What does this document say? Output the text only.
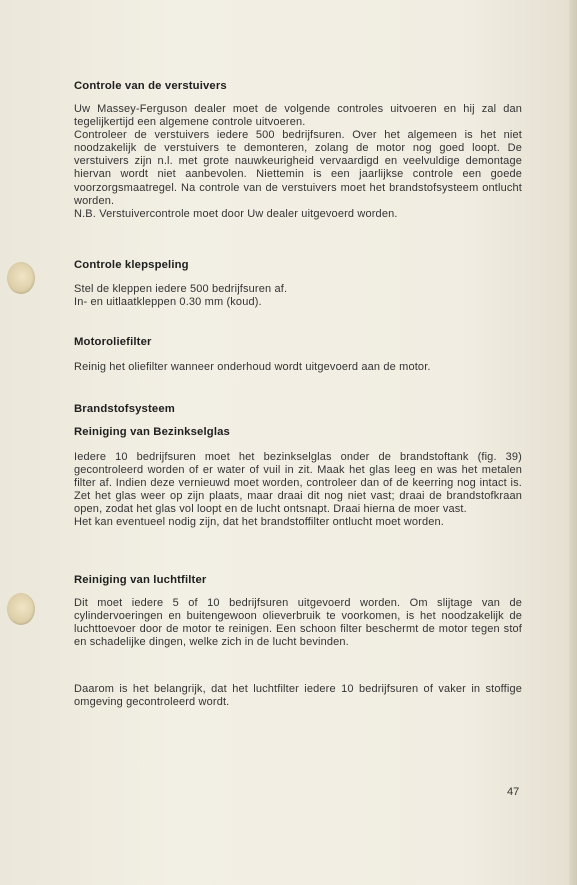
Controle van de verstuivers

Uw Massey-Ferguson dealer moet de volgende controles uitvoeren en hij zal dan tegelijkertijd een algemene controle uitvoeren.

Controleer de verstuivers iedere 500 bedrijfsuren. Over het algemeen is het niet noodzakelijk de verstuivers te demonteren, zolang de motor nog goed loopt. De verstuivers zijn n.l. met grote nauwkeurigheid vervaardigd en veelvuldige demontage hiervan wordt niet aanbevolen. Niettemin is een jaarlijkse controle een goede voorzorgsmaatregel. Na controle van de verstuivers moet het brandstofsysteem ontlucht worden.

N.B. Verstuivercontrole moet door Uw dealer uitgevoerd worden.

Controle klepspeling

Stel de kleppen iedere 500 bedrijfsuren af.

In- en uitlaatkleppen 0.30 mm (koud).

Motoroliefilter

Reinig het oliefilter wanneer onderhoud wordt uitgevoerd aan de motor.

Brandstofsysteem
Reiniging van Bezinkselglas

Iedere 10 bedrijfsuren moet het bezinkselglas onder de brandstoftank (fig. 39) gecontroleerd worden of er water of vuil in zit. Maak het glas leeg en was het metalen filter af. Indien deze vernieuwd moet worden, controleer dan of de keerring nog intact is. Zet het glas weer op zijn plaats, maar draai dit nog niet vast; draai de brandstofkraan open, zodat het glas vol loopt en de lucht ontsnapt. Draai hierna de moer vast.

Het kan eventueel nodig zijn, dat het brandstoffilter ontlucht moet worden.

Reiniging van luchtfilter

Dit moet iedere 5 of 10 bedrijfsuren uitgevoerd worden. Om slijtage van de cylindervoeringen en buitengewoon olieverbruik te voorkomen, is het noodzakelijk de luchttoevoer door de motor te reinigen. Een schoon filter beschermt de motor tegen stof en schadelijke dingen, welke zich in de lucht bevinden.

Daarom is het belangrijk, dat het luchtfilter iedere 10 bedrijfsuren of vaker in stoffige omgeving gecontroleerd wordt.

47
